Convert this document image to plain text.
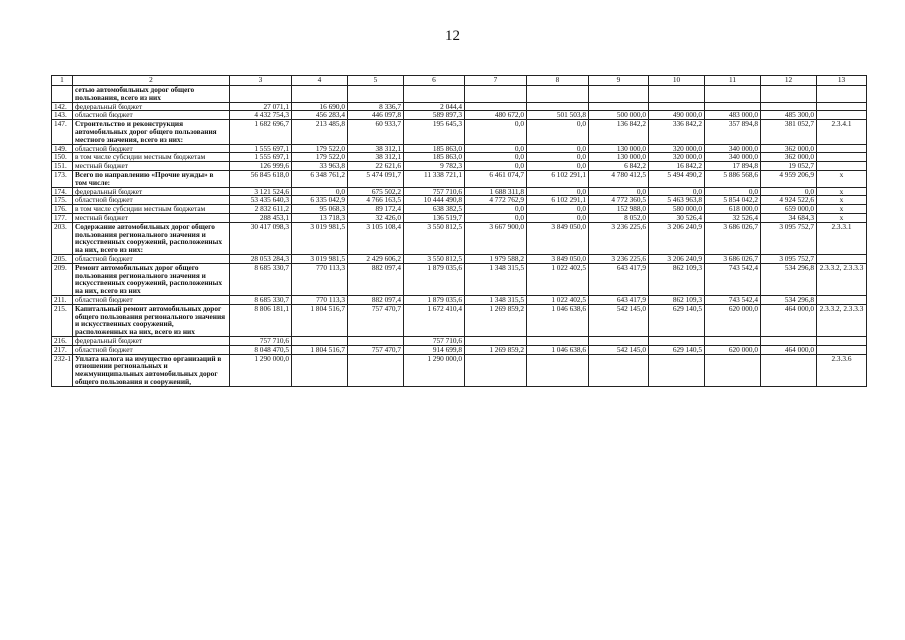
12
1	2	3	4	5	6	7	8	9	10	11	12	13
	сетью автомобильных дорог общего пользования, всего из них											
142.	федеральный бюджет	27 071,1	16 690,0	8 336,7	2 044,4							
143.	областной бюджет	4 432 754,3	456 283,4	446 097,8	589 897,3	480 672,0	501 503,8	500 000,0	490 000,0	483 000,0	485 300,0	
147.	Строительство и реконструкция автомобильных дорог общего пользования местного значения, всего из них:	1 682 696,7	213 485,8	60 933,7	195 645,3	0,0	0,0	136 842,2	336 842,2	357 894,8	381 052,7	2.3.4.1
149.	областной бюджет	1 555 697,1	179 522,0	38 312,1	185 863,0	0,0	0,0	130 000,0	320 000,0	340 000,0	362 000,0	
150.	в том числе субсидии местным бюджетам	1 555 697,1	179 522,0	38 312,1	185 863,0	0,0	0,0	130 000,0	320 000,0	340 000,0	362 000,0	
151.	местный бюджет	126 999,6	33 963,8	22 621,6	9 782,3	0,0	0,0	6 842,2	16 842,2	17 894,8	19 052,7	
173.	Всего по направлению «Прочие нужды» в том числе:	56 845 618,0	6 348 761,2	5 474 091,7	11 338 721,1	6 461 074,7	6 102 291,1	4 780 412,5	5 494 490,2	5 886 568,6	4 959 206,9	x
174.	федеральный бюджет	3 121 524,6	0,0	675 502,2	757 710,6	1 688 311,8	0,0	0,0	0,0	0,0	0,0	x
175.	областной бюджет	53 435 640,3	6 335 042,9	4 766 163,5	10 444 490,8	4 772 762,9	6 102 291,1	4 772 360,5	5 463 963,8	5 854 042,2	4 924 522,6	x
176.	в том числе субсидии местным бюджетам	2 832 611,2	95 068,3	89 172,4	638 382,5	0,0	0,0	152 988,0	580 000,0	618 000,0	659 000,0	x
177.	местный бюджет	288 453,1	13 718,3	32 426,0	136 519,7	0,0	0,0	8 052,0	30 526,4	32 526,4	34 684,3	x
203.	Содержание автомобильных дорог общего пользования регионального значения и искусственных сооружений, расположенных на них, всего из них:	30 417 098,3	3 019 981,5	3 105 108,4	3 550 812,5	3 667 900,0	3 849 050,0	3 236 225,6	3 206 240,9	3 686 026,7	3 095 752,7	2.3.3.1
205.	областной бюджет	28 053 284,3	3 019 981,5	2 429 606,2	3 550 812,5	1 979 588,2	3 849 050,0	3 236 225,6	3 206 240,9	3 686 026,7	3 095 752,7	
209.	Ремонт автомобильных дорог общего пользования регионального значения и искусственных сооружений, расположенных на них, всего из них	8 685 330,7	770 113,3	882 097,4	1 879 035,6	1 348 315,5	1 022 402,5	643 417,9	862 109,3	743 542,4	534 296,8	2.3.3.2, 2.3.3.3
211.	областной бюджет	8 685 330,7	770 113,3	882 097,4	1 879 035,6	1 348 315,5	1 022 402,5	643 417,9	862 109,3	743 542,4	534 296,8	
215.	Капитальный ремонт автомобильных дорог общего пользования регионального значения и искусственных сооружений, расположенных на них, всего из них	8 806 181,1	1 804 516,7	757 470,7	1 672 410,4	1 269 859,2	1 046 638,6	542 145,0	629 140,5	620 000,0	464 000,0	2.3.3.2, 2.3.3.3
216.	федеральный бюджет	757 710,6			757 710,6							
217.	областной бюджет	8 048 470,5	1 804 516,7	757 470,7	914 699,8	1 269 859,2	1 046 638,6	542 145,0	629 140,5	620 000,0	464 000,0	
232-1	Уплата налога на имущество организаций в отношении региональных и межмуниципальных автомобильных дорог общего пользования и сооружений,	1 290 000,0			1 290 000,0							2.3.3.6
